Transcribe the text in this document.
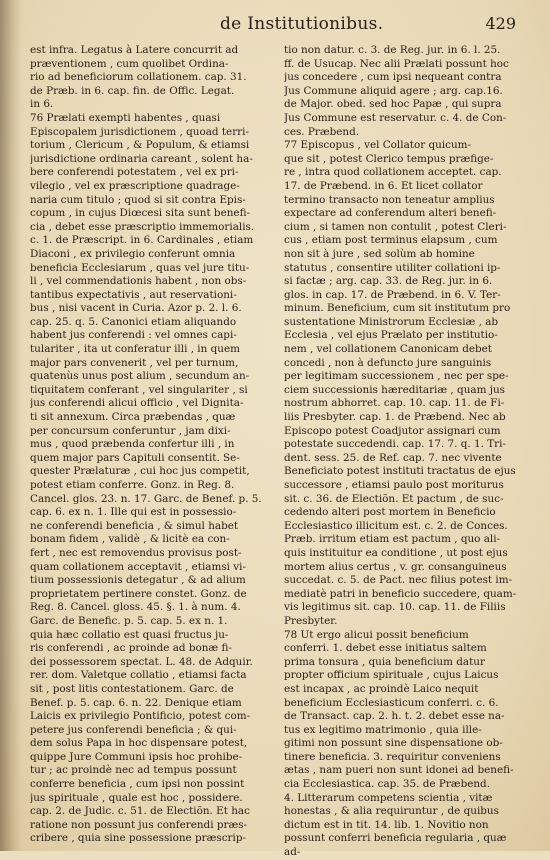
de Institutionibus.	429
est infra. Legatus à Latere concurrit ad
præventionem , cum quolibet Ordina-
rio ad beneficiorum collationem. cap. 31.
de Præb. in 6. cap. fin. de Offic. Legat.
in 6.
76 Prælati exempti habentes , quasi
Episcopalem jurisdictionem , quoad terri-
torium , Clericum , & Populum, & etiamsi
jurisdictione ordinaria careant , solent ha-
bere conferendi potestatem , vel ex pri-
vilegio , vel ex præscriptione quadrage-
naria cum titulo ; quod si sit contra Epis-
copum , in cujus Diœcesi sita sunt benefi-
cia , debet esse præscriptio immemorialis.
c. 1. de Præscript. in 6. Cardinales , etiam
Diaconi , ex privilegio conferunt omnia
beneficia Ecclesiarum , quas vel jure titu-
li , vel commendationis habent , non obs-
tantibus expectativis , aut reservationi-
bus , nisi vacent in Curia. Azor p. 2. l. 6.
cap. 25. q. 5. Canonici etiam aliquando
habent jus conferendi : vel omnes capi-
tulariter , ita ut conferatur illi , in quem
major pars convenerit , vel per turnum,
quatenùs unus post alium , secundum an-
tiquitatem conferant , vel singulariter , si
jus conferendi alicui officio , vel Dignita-
ti sit annexum. Circa præbendas , quæ
per concursum conferuntur , jam dixi-
mus , quod præbenda confertur illi , in
quem major pars Capituli consentit. Se-
quester Prælaturæ , cui hoc jus competit,
potest etiam conferre. Gonz. in Reg. 8.
Cancel. glos. 23. n. 17. Garc. de Benef. p. 5.
cap. 6. ex n. 1. Ille qui est in possessio-
ne conferendi beneficia , & simul habet
bonam fidem , validè , & licitè ea con-
fert , nec est removendus provisus post-
quam collationem acceptavit , etiamsi vi-
tium possessionis detegatur , & ad alium
proprietatem pertinere constet. Gonz. de
Reg. 8. Cancel. gloss. 45. §. 1. à num. 4.
Garc. de Benefic. p. 5. cap. 5. ex n. 1.
quia hæc collatio est quasi fructus ju-
ris conferendi , ac proinde ad bonæ fi-
dei possessorem spectat. L. 48. de Adquir.
rer. dom. Valetque collatio , etiamsi facta
sit , post litis contestationem. Garc. de
Benef. p. 5. cap. 6. n. 22. Denique etiam
Laicis ex privilegio Pontificio, potest com-
petere jus conferendi beneficia ; & qui-
dem solus Papa in hoc dispensare potest,
quippe Jure Communi ipsis hoc prohibe-
tur ; ac proindè nec ad tempus possunt
conferre beneficia , cum ipsi non possint
jus spirituale , quale est hoc , possidere.
cap. 2. de Judic. c. 51. de Electiõn. Et hac
ratione non possunt jus conferendi præs-
cribere , quia sine possessione præscrip-
tio non datur. c. 3. de Reg. jur. in 6. l. 25.
ff. de Usucap. Nec alii Prælati possunt hoc
jus concedere , cum ipsi nequeant contra
Jus Commune aliquid agere ; arg. cap.16.
de Major. obed. sed hoc Papæ , qui supra
Jus Commune est reservatur. c. 4. de Con-
ces. Præbend.
77 Episcopus , vel Collator quicum-
que sit , potest Clerico tempus præfige-
re , intra quod collationem acceptet. cap.
17. de Præbend. in 6. Et licet collator
termino transacto non teneatur amplius
expectare ad conferendum alteri benefi-
cium , si tamen non contulit , potest Cleri-
cus , etiam post terminus elapsum , cum
non sit à jure , sed solùm ab homine
statutus , consentire utiliter collationi ip-
si factæ ; arg. cap. 33. de Reg. jur. in 6.
glos. in cap. 17. de Præbend. in 6. V. Ter-
minum. Beneficium, cum sit institutum pro
sustentatione Ministrorum Ecclesiæ , ab
Ecclesia , vel ejus Prælato per institutio-
nem , vel collationem Canonicam debet
concedi , non à defuncto jure sanguinis
per legitimam successionem , nec per spe-
ciem successionis hæreditariæ , quam jus
nostrum abhorret. cap. 10. cap. 11. de Fi-
liis Presbyter. cap. 1. de Præbend. Nec ab
Episcopo potest Coadjutor assignari cum
potestate succedendi. cap. 17. 7. q. 1. Tri-
dent. sess. 25. de Ref. cap. 7. nec vivente
Beneficiato potest instituti tractatus de ejus
successore , etiamsi paulo post moriturus
sit. c. 36. de Electiõn. Et pactum , de suc-
cedendo alteri post mortem in Beneficio
Ecclesiastico illicitum est. c. 2. de Conces.
Præb. irritum etiam est pactum , quo ali-
quis instituitur ea conditione , ut post ejus
mortem alius certus , v. gr. consanguineus
succedat. c. 5. de Pact. nec filius potest im-
mediatè patri in beneficio succedere, quam-
vis legitimus sit. cap. 10. cap. 11. de Filiis
Presbyter.
78 Ut ergo alicui possit beneficium
conferri. 1. debet esse initiatus saltem
prima tonsura , quia beneficium datur
propter officium spirituale , cujus Laicus
est incapax , ac proindè Laico nequit
beneficium Ecclesiasticum conferri. c. 6.
de Transact. cap. 2. h. t. 2. debet esse na-
tus ex legitimo matrimonio , quia ille-
gitimi non possunt sine dispensatione ob-
tinere beneficia. 3. requiritur conveniens
ætas , nam pueri non sunt idonei ad benefi-
cia Ecclesiastica. cap. 35. de Præbend.
4. Litterarum competens scientia , vitæ
honestas , & alia requiruntur , de quibus
dictum est in tit. 14. lib. 1. Novitio non
possunt conferri beneficia regularia , quæ
ad-
